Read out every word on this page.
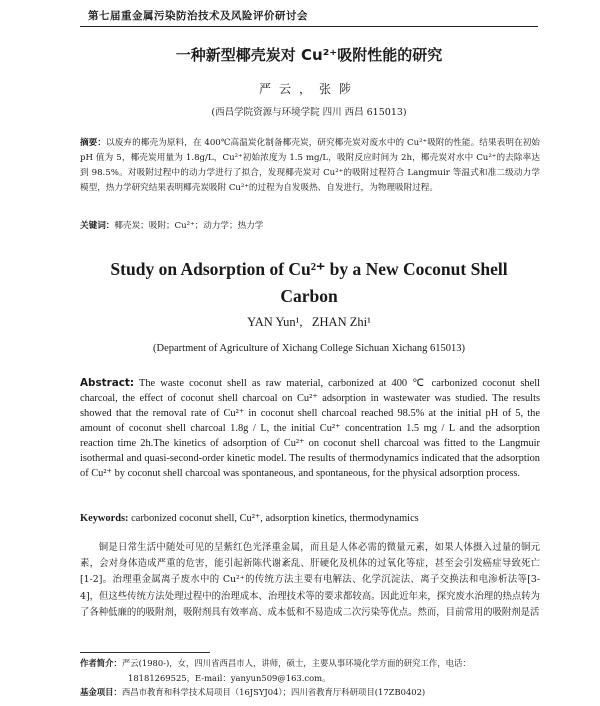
第七届重金属污染防治技术及风险评价研讨会
一种新型椰壳炭对 Cu²⁺吸附性能的研究
严云，张陟
(西昌学院资源与环境学院 四川 西昌 615013)
摘要：以废弃的椰壳为原料，在 400℃高温炭化制备椰壳炭，研究椰壳炭对废水中的 Cu²⁺吸附的性能。结果表明在初始 pH 值为 5，椰壳炭用量为 1.8g/L，Cu²⁺初始浓度为 1.5 mg/L，吸附反应时间为 2h，椰壳炭对水中 Cu²⁺的去除率达到 98.5%。对吸附过程中的动力学进行了拟合，发现椰壳炭对 Cu²⁺的吸附过程符合 Langmuir 等温式和准二级动力学模型，热力学研究结果表明椰壳炭吸附 Cu²⁺的过程为自发吸热、自发进行，为物理吸附过程。
关键词：椰壳炭；吸附；Cu²⁺；动力学；热力学
Study on Adsorption of Cu²⁺ by a New Coconut Shell
Carbon
YAN Yun¹, ZHAN Zhi¹
(Department of Agriculture of Xichang College Sichuan Xichang 615013)
Abstract: The waste coconut shell as raw material, carbonized at 400 ℃ carbonized coconut shell charcoal, the effect of coconut shell charcoal on Cu²⁺ adsorption in wastewater was studied. The results showed that the removal rate of Cu²⁺ in coconut shell charcoal reached 98.5% at the initial pH of 5, the amount of coconut shell charcoal 1.8g / L, the initial Cu²⁺ concentration 1.5 mg / L and the adsorption reaction time 2h.The kinetics of adsorption of Cu²⁺ on coconut shell charcoal was fitted to the Langmuir isothermal and quasi-second-order kinetic model. The results of thermodynamics indicated that the adsorption of Cu²⁺ by coconut shell charcoal was spontaneous, and spontaneous, for the physical adsorption process.
Keywords: carbonized coconut shell, Cu²⁺, adsorption kinetics, thermodynamics
铜是日常生活中随处可见的呈紫红色光泽重金属，而且是人体必需的微量元素，如果人体摄入过量的铜元素，会对身体造成严重的危害，能引起新陈代谢紊乱、肝硬化及机体的过氧化等症，甚至会引发癌症导致死亡[1-2]。治理重金属离子废水中的 Cu²⁺的传统方法主要有电解法、化学沉淀法、离子交换法和电渗析法等[3-4]，但这些传统方法处理过程中的治理成本、治理技术等的要求都较高。因此近年来，探究废水治理的热点转为了各种低廉的的吸附剂，吸附剂具有效率高、成本低和不易造成二次污染等优点。然而，目前常用的吸附剂是活
作者简介：严云(1980-)，女，四川省西昌市人，讲师，硕士，主要从事环境化学方面的研究工作，电话：
18181269525，E-mail：yanyun509@163.com。
基金项目：西昌市教育和科学技术局项目（16JSYJ04）；四川省教育厅科研项目(17ZB0402)
